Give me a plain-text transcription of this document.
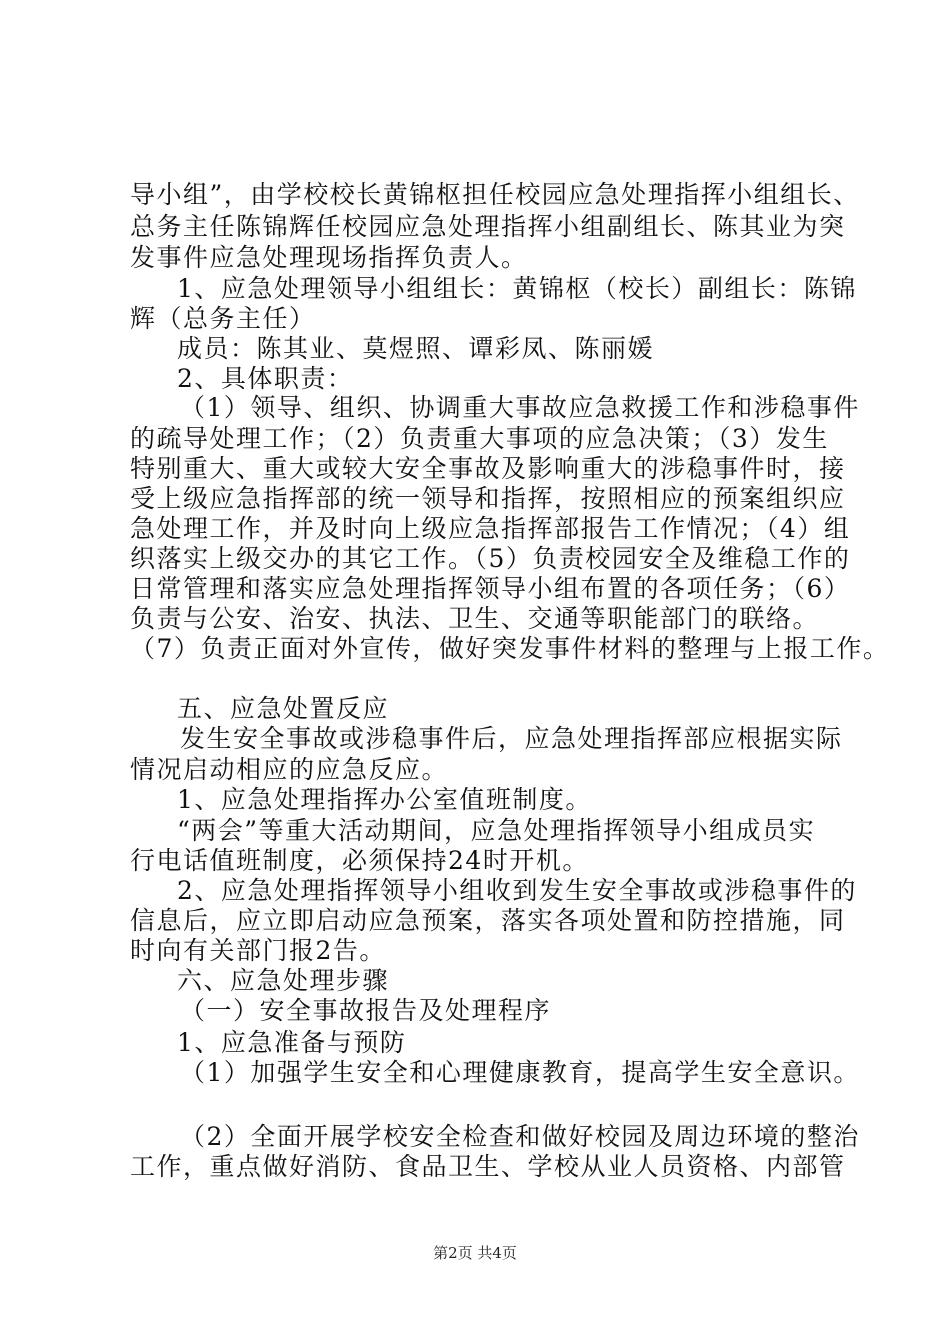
导小组”，由学校校长黄锦枢担任校园应急处理指挥小组组长、
总务主任陈锦辉任校园应急处理指挥小组副组长、陈其业为突
发事件应急处理现场指挥负责人。
1、应急处理领导小组组长：黄锦枢（校长）副组长：陈锦
辉（总务主任）
成员：陈其业、莫煜照、谭彩凤、陈丽媛
2、具体职责：
（1）领导、组织、协调重大事故应急救援工作和涉稳事件
的疏导处理工作；（2）负责重大事项的应急决策；（3）发生
特别重大、重大或较大安全事故及影响重大的涉稳事件时，接
受上级应急指挥部的统一领导和指挥，按照相应的预案组织应
急处理工作，并及时向上级应急指挥部报告工作情况；（4）组
织落实上级交办的其它工作。（5）负责校园安全及维稳工作的
日常管理和落实应急处理指挥领导小组布置的各项任务；（6）
负责与公安、治安、执法、卫生、交通等职能部门的联络。
（7）负责正面对外宣传，做好突发事件材料的整理与上报工作。
五、应急处置反应
发生安全事故或涉稳事件后，应急处理指挥部应根据实际
情况启动相应的应急反应。
1、应急处理指挥办公室值班制度。
“两会”等重大活动期间，应急处理指挥领导小组成员实
行电话值班制度，必须保持24时开机。
2、应急处理指挥领导小组收到发生安全事故或涉稳事件的
信息后，应立即启动应急预案，落实各项处置和防控措施，同
时向有关部门报2告。
六、应急处理步骤
（一）安全事故报告及处理程序
1、应急准备与预防
（1）加强学生安全和心理健康教育，提高学生安全意识。
（2）全面开展学校安全检查和做好校园及周边环境的整治
工作，重点做好消防、食品卫生、学校从业人员资格、内部管
第2页 共4页
